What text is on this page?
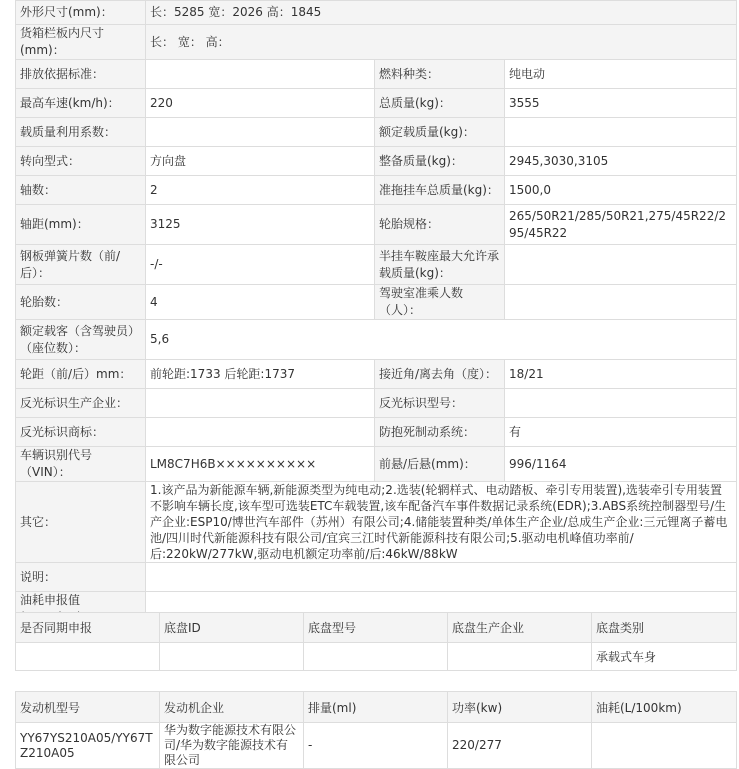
外形尺寸(mm)：	长：5285 宽：2026 高：1845		
货箱栏板内尺寸(mm)：	长： 宽： 高：		
排放依据标准：		燃料种类：	纯电动
最高车速(km/h)：	220	总质量(kg)：	3555
载质量利用系数：		额定载质量(kg)：	
转向型式：	方向盘	整备质量(kg)：	2945,3030,3105
轴数：	2	准拖挂车总质量(kg)：	1500,0
轴距(mm)：	3125	轮胎规格：	265/50R21/285/50R21,275/45R22/295/45R22
钢板弹簧片数（前/后）：	-/-	半挂车鞍座最大允许承载质量(kg)：	
轮胎数：	4	驾驶室准乘人数（人）：	
额定载客（含驾驶员）（座位数）：	5,6		
轮距（前/后）mm：	前轮距:1733 后轮距:1737	接近角/离去角（度）：	18/21
反光标识生产企业：		反光标识型号：	
反光标识商标：		防抱死制动系统：	有
车辆识别代号（VIN）：	LM8C7H6B××××××××××	前悬/后悬(mm)：	996/1164
其它：	1.该产品为新能源车辆,新能源类型为纯电动;2.选装(轮辋样式、电动踏板、牵引专用装置),选装牵引专用装置不影响车辆长度,该车型可选装ETC车载装置,该车配备汽车事件数据记录系统(EDR);3.ABS系统控制器型号/生产企业:ESP10/博世汽车部件（苏州）有限公司;4.储能装置种类/单体生产企业/总成生产企业:三元锂离子蓄电池/四川时代新能源科技有限公司/宜宾三江时代新能源科技有限公司;5.驱动电机峰值功率前/后:220kW/277kW,驱动电机额定功率前/后:46kW/88kW		
说明：			
油耗申报值			
是否同期申报	底盘ID	底盘型号	底盘生产企业	底盘类别
				承载式车身
发动机型号	发动机企业	排量(ml)	功率(kw)	油耗(L/100km)
YY67YS210A05/YY67TZ210A05	华为数字能源技术有限公司/华为数字能源技术有限公司	-	220/277	
